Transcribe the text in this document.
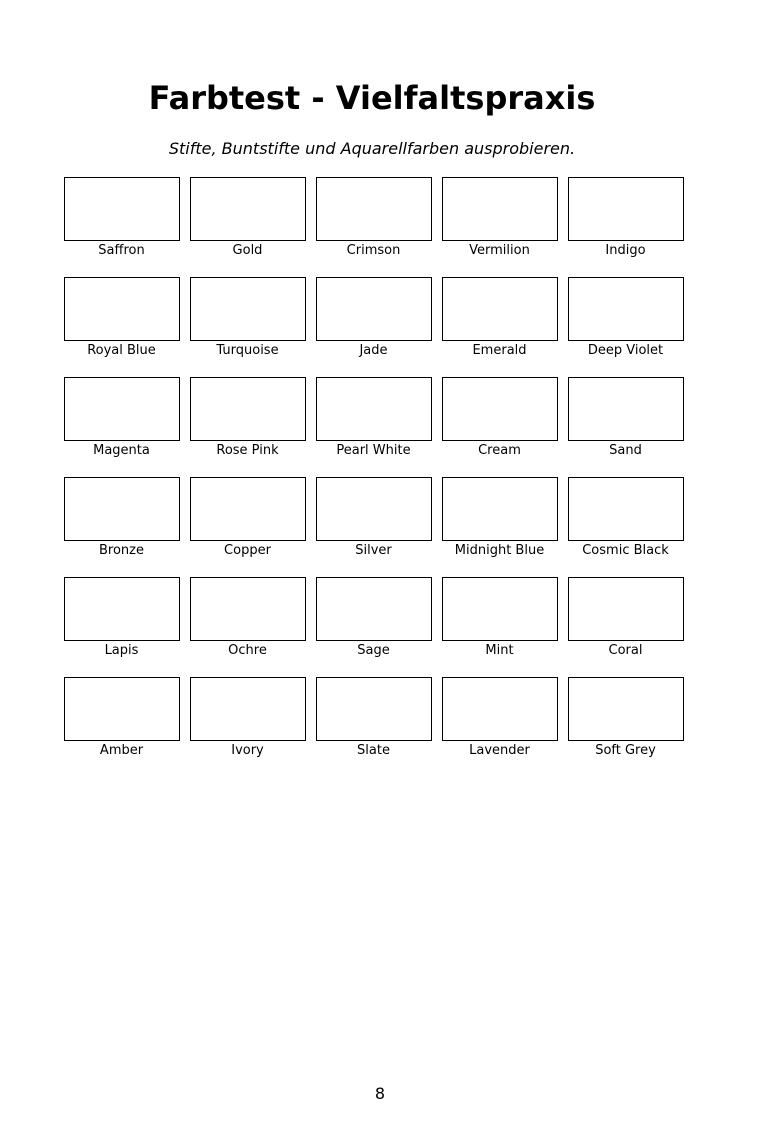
Farbtest - Vielfaltspraxis

Stifte, Buntstifte und Aquarellfarben ausprobieren.

Saffron	Gold	Crimson	Vermilion	Indigo
Royal Blue	Turquoise	Jade	Emerald	Deep Violet
Magenta	Rose Pink	Pearl White	Cream	Sand
Bronze	Copper	Silver	Midnight Blue	Cosmic Black
Lapis	Ochre	Sage	Mint	Coral
Amber	Ivory	Slate	Lavender	Soft Grey
8
